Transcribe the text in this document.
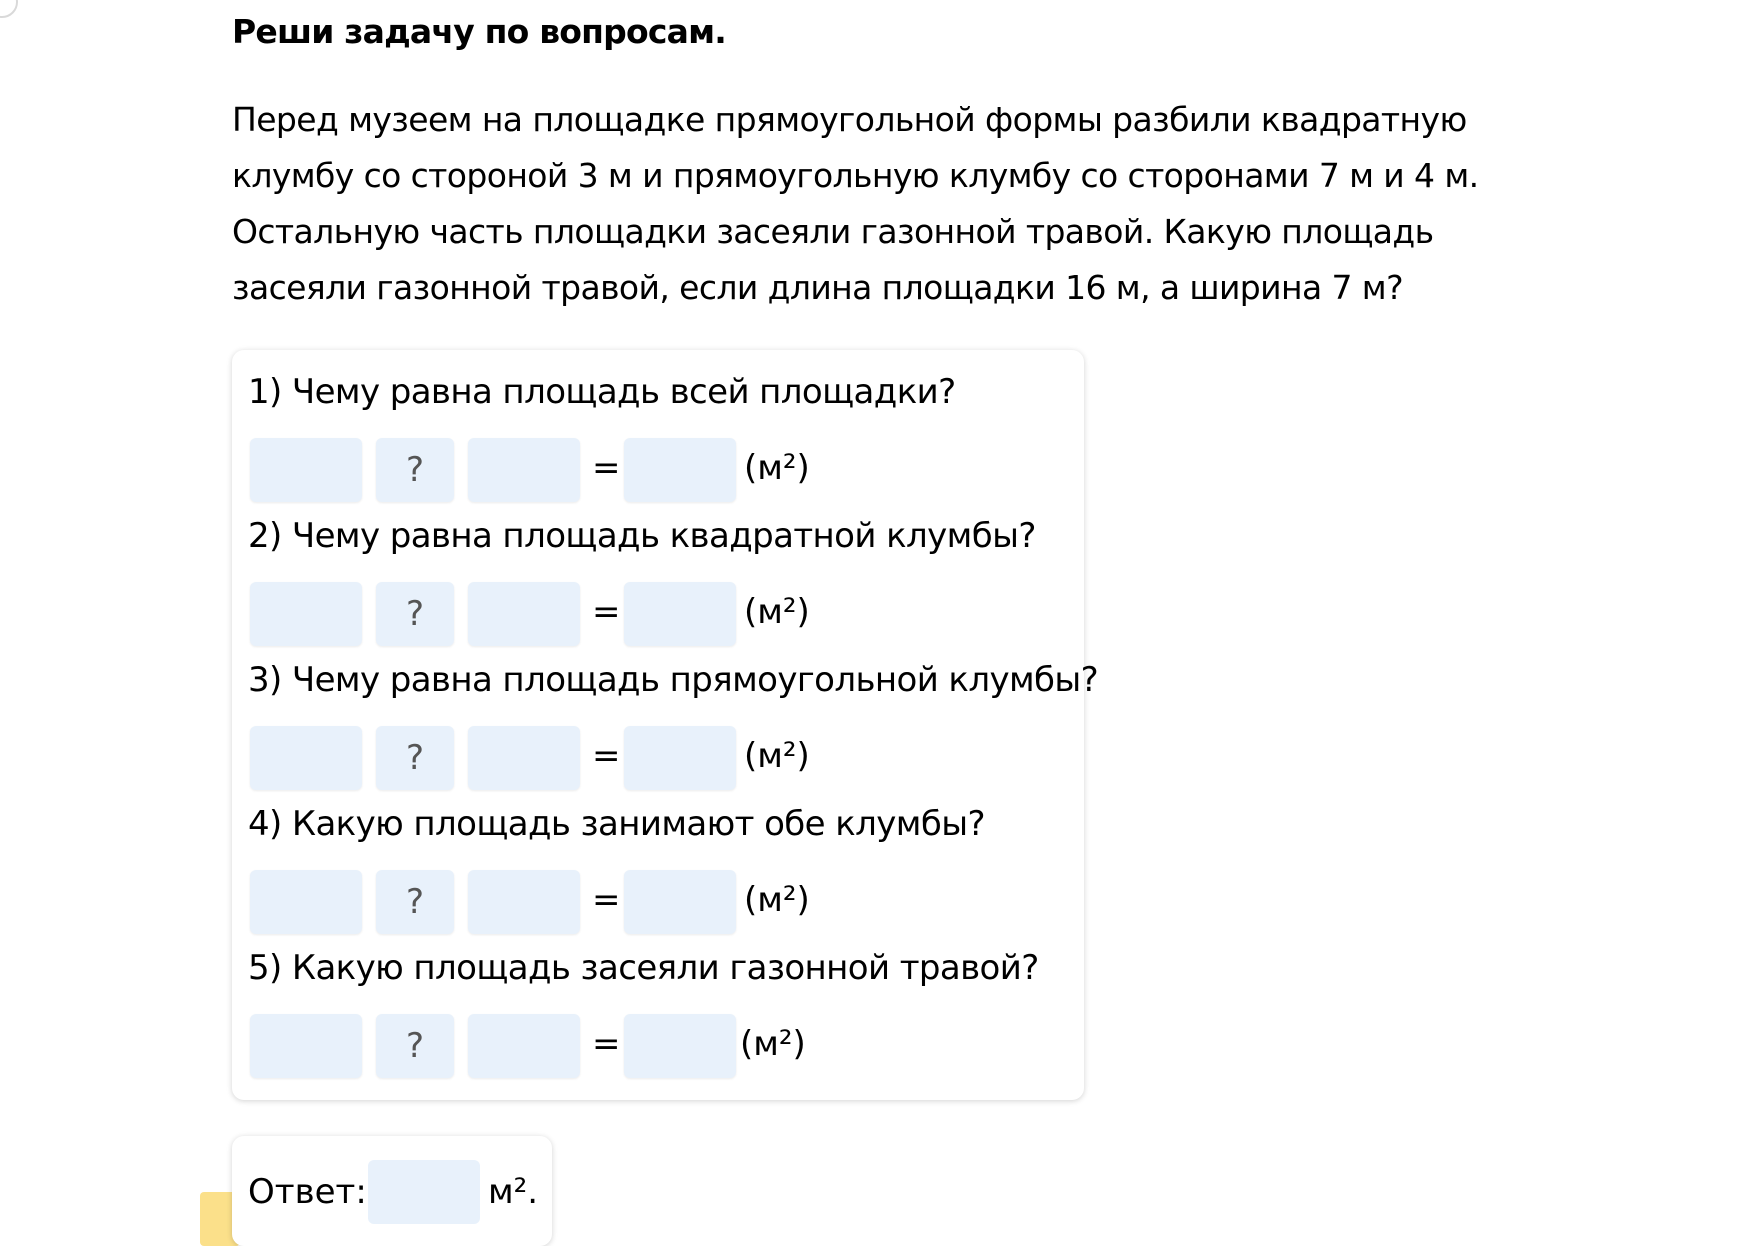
Реши задачу по вопросам.
Перед музеем на площадке прямоугольной формы разбили квадратную
клумбу со стороной 3 м и прямоугольную клумбу со сторонами 7 м и 4 м.
Остальную часть площадки засеяли газонной травой. Какую площадь
засеяли газонной травой, если длина площадки 16 м, а ширина 7 м?
1) Чему равна площадь всей площадки?
?	=	(м²)
2) Чему равна площадь квадратной клумбы?
?	=	(м²)
3) Чему равна площадь прямоугольной клумбы?
?	=	(м²)
4) Какую площадь занимают обе клумбы?
?	=	(м²)
5) Какую площадь засеяли газонной травой?
?	=	(м²)
Ответ:	м².
